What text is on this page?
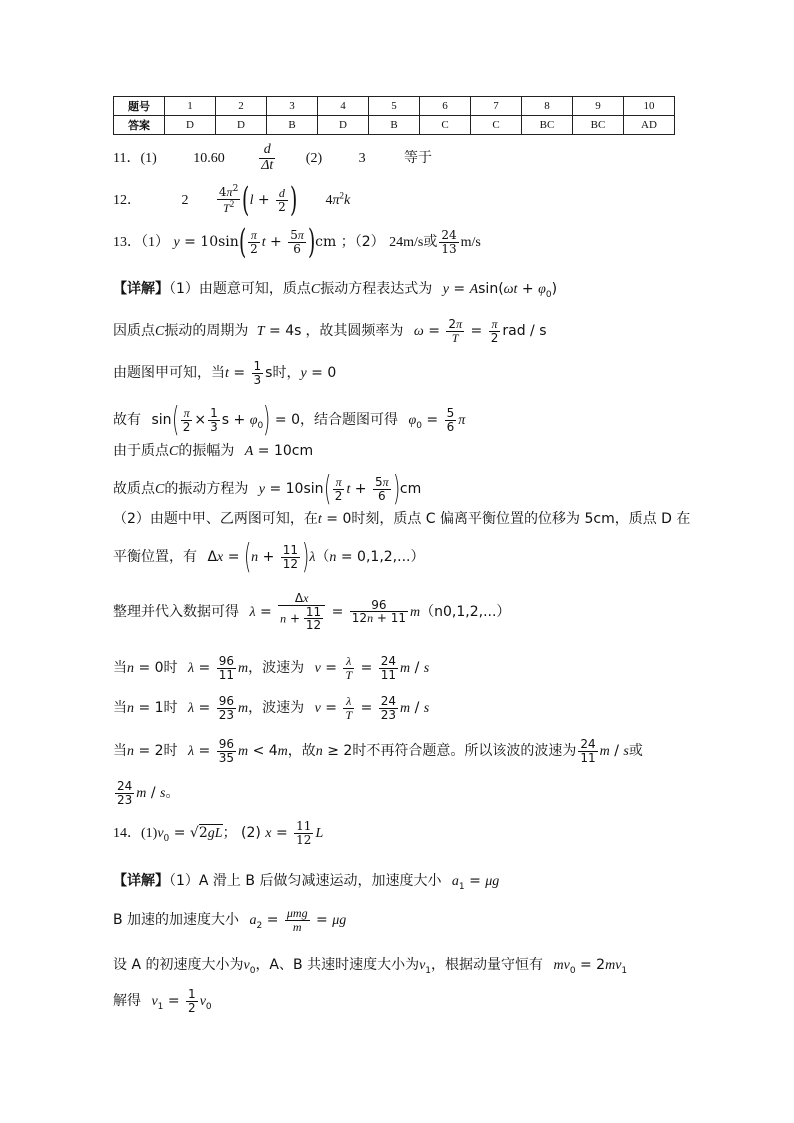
题号	1	2	3	4	5	6	7	8	9	10
答案	D	D	B	D	B	C	C	BC	BC	AD
11．(1)	$10.60 \frac{d}{\Delta t} (2)$	3	等于
12．	$2 \frac{4\pi^2}{T^2} (l + \frac{d}{2}$ ) $4\pi^2k$
13．（1） $y = 10\sin( \frac{\pi}{2}$ $t + \frac{5\pi}{6} )cm$ ；（2） 24m/s或 $\frac{24}{13} m/s$
【详解】（1）由题意可知，质点C振动方程表达式为 $y = Asin(\omega t + \varphi_0)$
因质点C振动的周期为 T = 4s ，故其圆频率为 $\omega = \frac{2\pi}{T} = \frac{\pi}{2}$ rad / s
由题图甲可知，当$t = \frac{1}{3}$ s时，y = 0
故有 $\sin( \frac{\pi}{2} \times \frac{1}{3}$ $s + \varphi_0) = 0$，结合题图可得 $\varphi_0 = \frac{5}{6}$ π
由于质点C的振幅为 A = 10cm
故质点C的振动方程为 $y = 10\sin( \frac{\pi}{2}$ $t + \frac{5\pi}{6} )cm$
（2）由题中甲、乙两图可知，在t = 0时刻，质点 C 偏离平衡位置的位移为 5cm，质点 D 在
平衡位置，有 $\Delta x = (n + \frac{11}{12} )\lambda(n = 0,1,2,...)$
整理并代入数据可得 $\lambda = \frac{\Delta x}{n + \frac{11}{12}} = \frac{96}{12n + 11} m(n0,1,2,...)$
当n = 0时 $\lambda = \frac{96}{11}$ m，波速为 $v = \frac{\lambda}{T} = \frac{24}{11}$ m / s
当n = 1时 $\lambda = \frac{96}{23}$ m，波速为 $v = \frac{\lambda}{T} = \frac{24}{23}$ m / s
当n = 2时 $\lambda = \frac{96}{35}$ m < 4m，故n ≥ 2时不再符合题意。所以该波的波速为 $\frac{24}{11}$ m / s或
$\frac{24}{23}$ m / s。
14．$(1)v_0 = √2gL$； (2) $x = \frac{11}{12}$ L
【详解】（1）A 滑上 B 后做匀减速运动，加速度大小 $a_1 = \mu g$
B 加速的加速度大小 $a_2 = \frac{\text{μmg}}{m} = \mu g$
设 A 的初速度大小为$v_0$，A、B 共速时速度大小为$v_1$，根据动量守恒有 $mv_0 = 2mv_1$
解得 $v_1 = \frac{1}{2} v_0$
